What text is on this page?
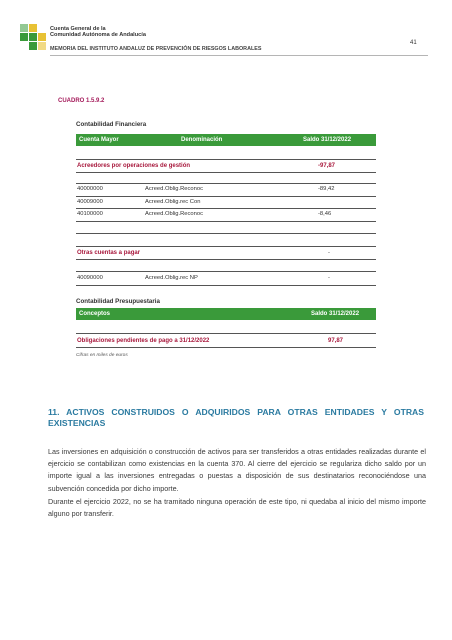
Cuenta General de la
Comunidad Autónoma de Andalucía
MEMORIA DEL INSTITUTO ANDALUZ DE PREVENCIÓN DE RIESGOS LABORALES
41
CUADRO 1.5.9.2
Contabilidad Financiera
Cuenta Mayor	Denominación	Saldo 31/12/2022
Acreedores por operaciones de gestión	-97,87
40000000	Acreed.Oblig.Reconoc	-89,42
40009000	Acreed.Oblig.rec Con
40100000	Acreed.Oblig.Reconoc	-8,46
Otras cuentas a pagar	-
40090000	Acreed.Oblig.rec NP	-
Contabilidad Presupuestaria
Conceptos	Saldo 31/12/2022
Obligaciones pendientes de pago a 31/12/2022	97,87
Cifras en miles de euros
11. ACTIVOS CONSTRUIDOS O ADQUIRIDOS PARA OTRAS ENTIDADES Y OTRAS
EXISTENCIAS
Las inversiones en adquisición o construcción de activos para ser transferidos a otras entidades realizadas durante el ejercicio se contabilizan como existencias en la cuenta 370. Al cierre del ejercicio se regulariza dicho saldo por un importe igual a las inversiones entregadas o puestas a disposición de sus destinatarios reconociéndose una subvención concedida por dicho importe.
Durante el ejercicio 2022, no se ha tramitado ninguna operación de este tipo, ni quedaba al inicio del mismo importe alguno por transferir.
